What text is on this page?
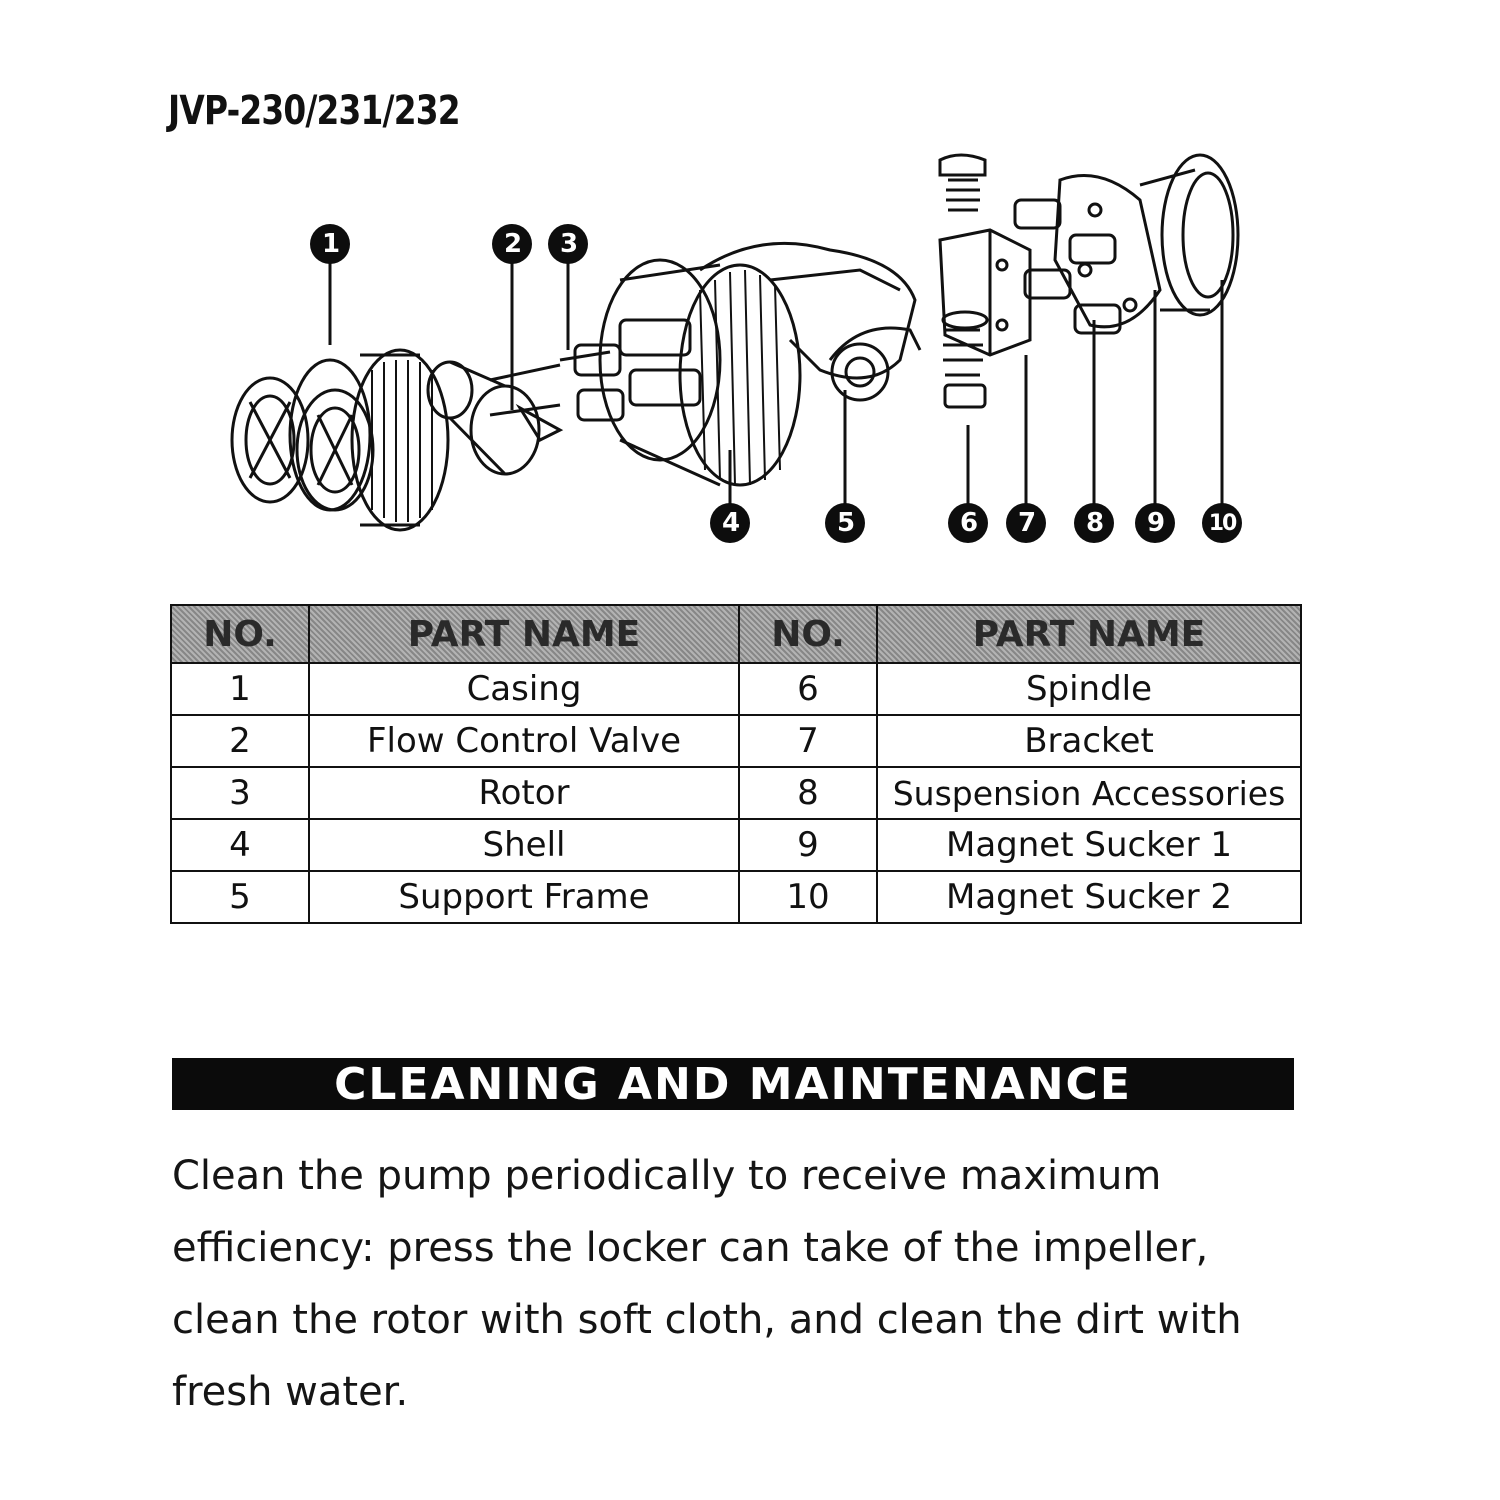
JVP-230/231/232
1	2	3
4	5	6	7	8	9	10
NO.	PART NAME	NO.	PART NAME
1	Casing	6	Spindle
2	Flow Control Valve	7	Bracket
3	Rotor	8	Suspension Accessories
4	Shell	9	Magnet Sucker 1
5	Support Frame	10	Magnet Sucker 2
CLEANING AND MAINTENANCE
Clean the pump periodically to receive maximum efficiency: press the locker can take of the impeller, clean the rotor with soft cloth, and clean the dirt with fresh water.
